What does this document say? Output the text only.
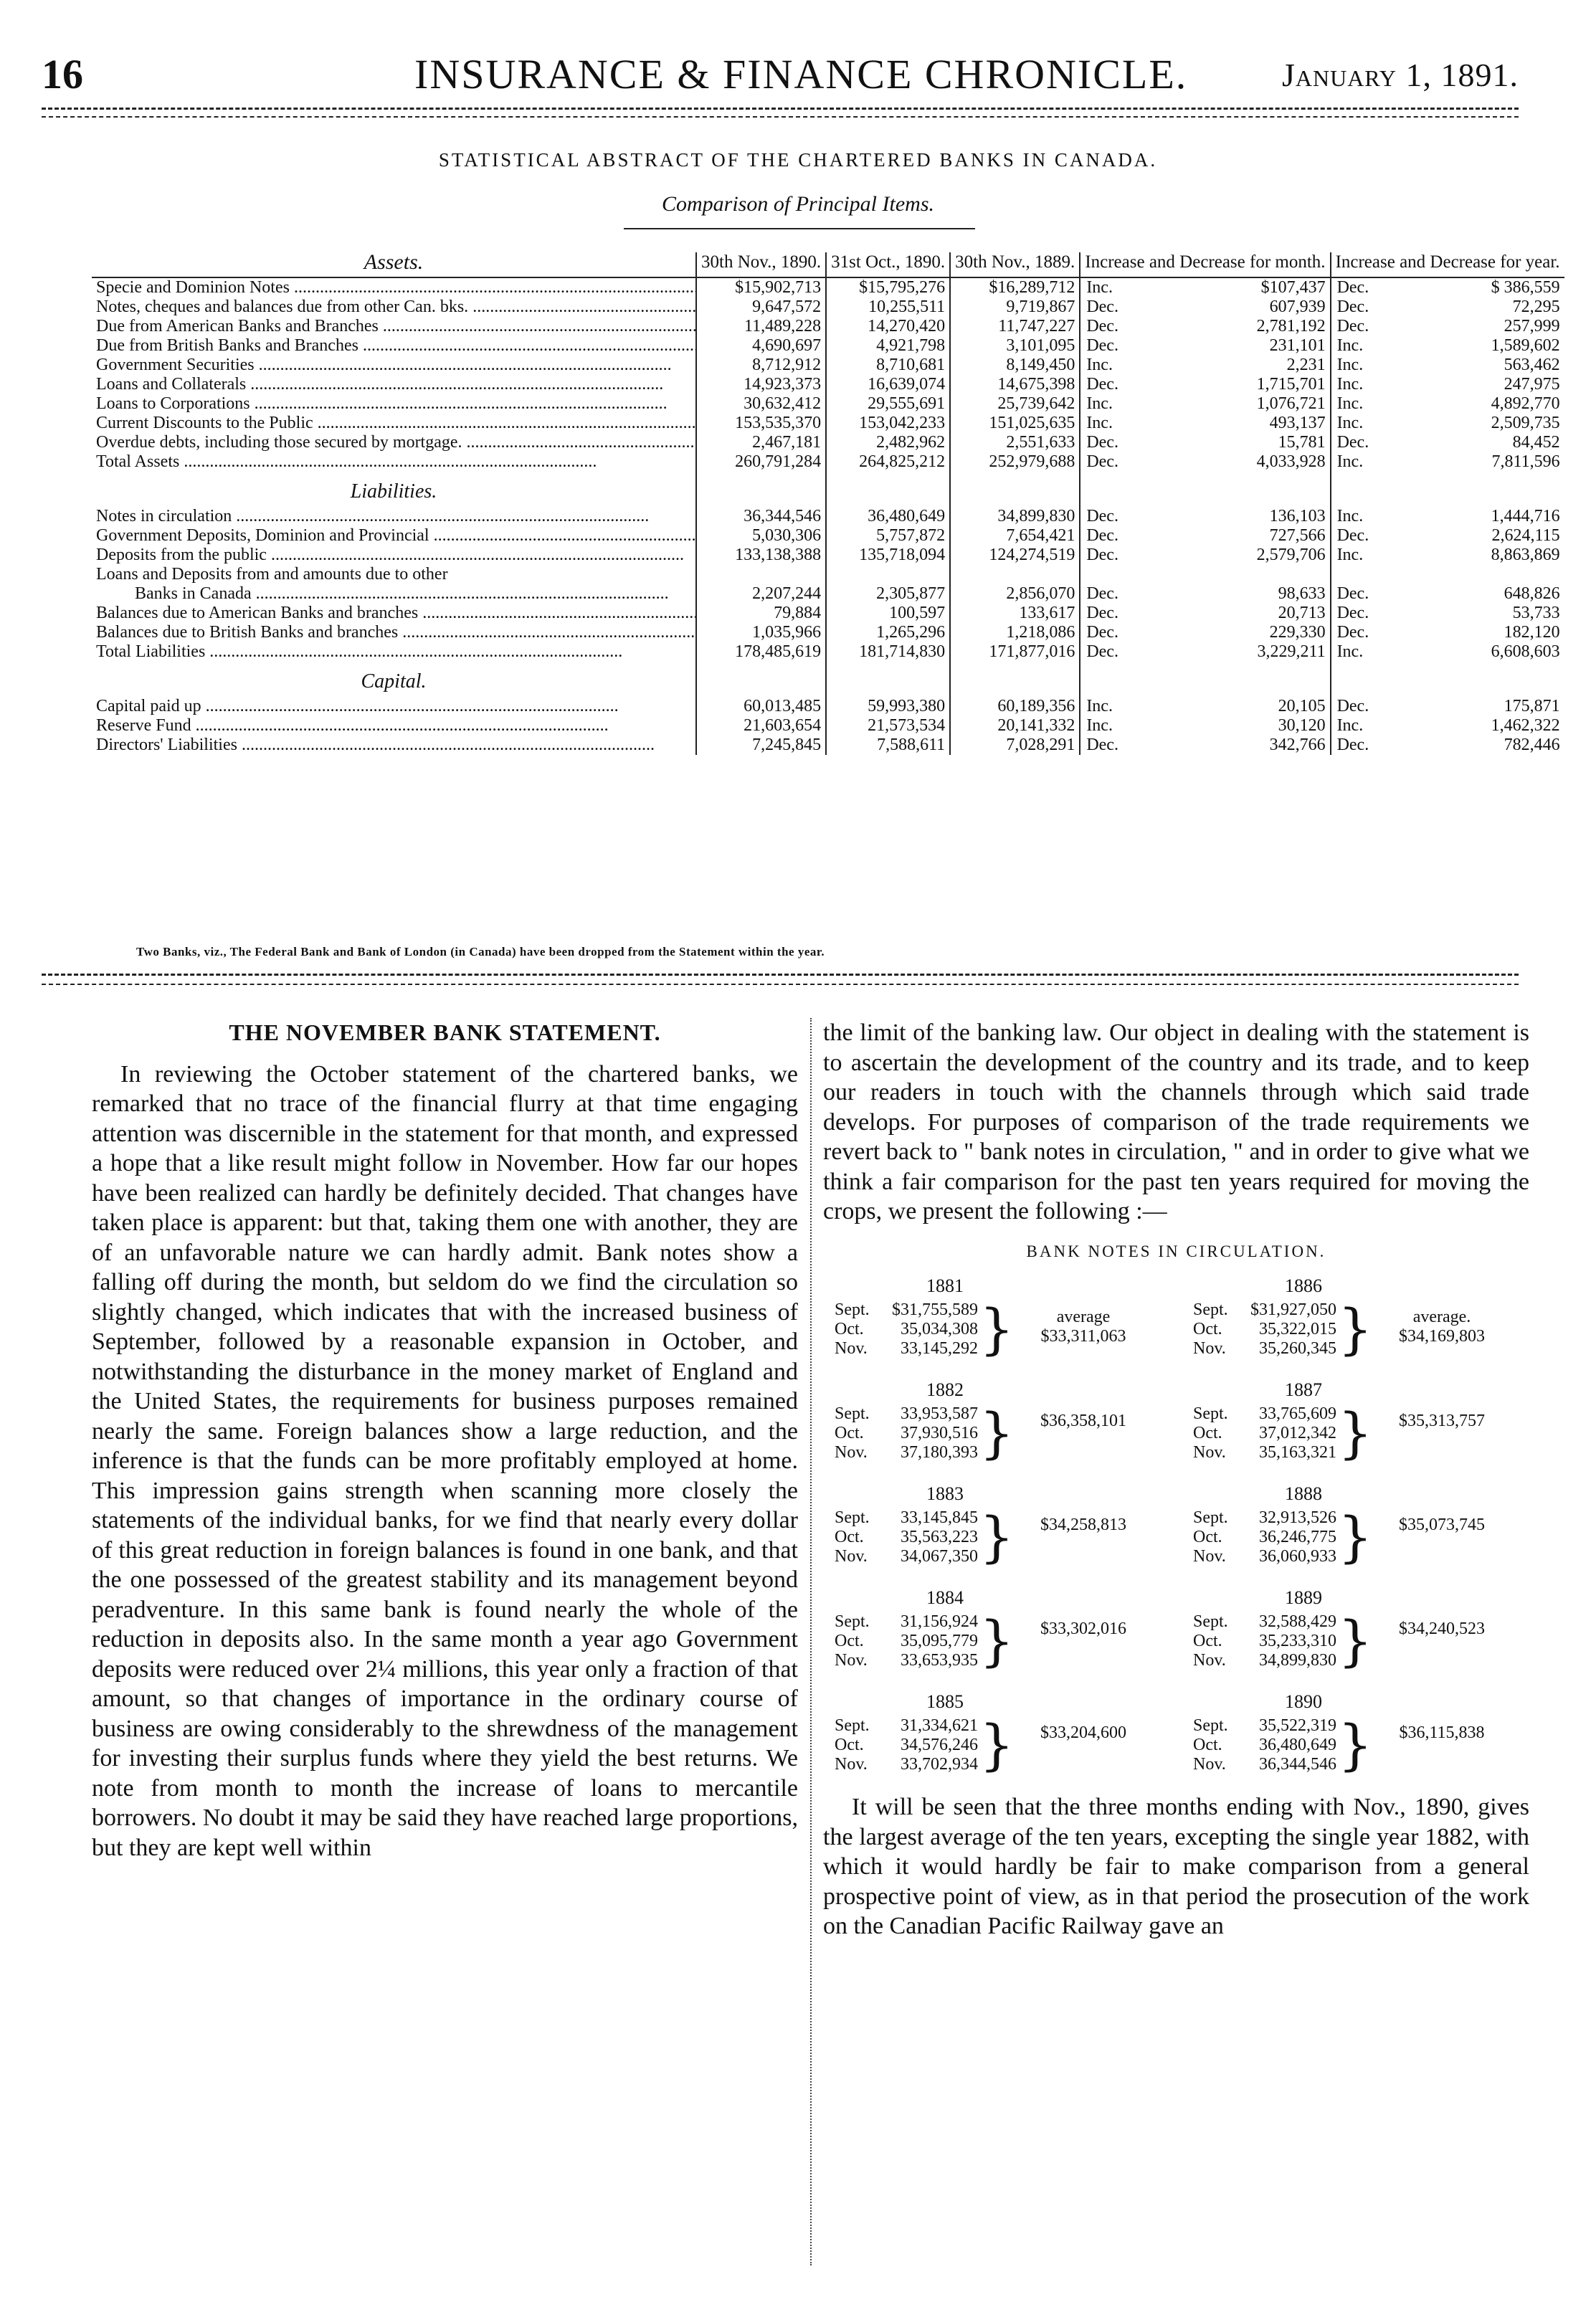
16	INSURANCE & FINANCE CHRONICLE.	January 1, 1891.
STATISTICAL ABSTRACT OF THE CHARTERED BANKS IN CANADA.
Comparison of Principal Items.
Assets.	30th Nov., 1890.	31st Oct., 1890.	30th Nov., 1889.	Increase and Decrease for month.		Increase and Decrease for year.	
Specie and Dominion Notes .....	$15,902,713	$15,795,276	$16,289,712	Inc.	$107,437	Dec.	$ 386,559
Notes, cheques and balances due from other Can. bks. .....	9,647,572	10,255,511	9,719,867	Dec.	607,939	Dec.	72,295
Due from American Banks and Branches .....	11,489,228	14,270,420	11,747,227	Dec.	2,781,192	Dec.	257,999
Due from British Banks and Branches .....	4,690,697	4,921,798	3,101,095	Dec.	231,101	Inc.	1,589,602
Government Securities .....	8,712,912	8,710,681	8,149,450	Inc.	2,231	Inc.	563,462
Loans and Collaterals .....	14,923,373	16,639,074	14,675,398	Dec.	1,715,701	Inc.	247,975
Loans to Corporations .....	30,632,412	29,555,691	25,739,642	Inc.	1,076,721	Inc.	4,892,770
Current Discounts to the Public .....	153,535,370	153,042,233	151,025,635	Inc.	493,137	Inc.	2,509,735
Overdue debts, including those secured by mortgage. .....	2,467,181	2,482,962	2,551,633	Dec.	15,781	Dec.	84,452
Total Assets .....	260,791,284	264,825,212	252,979,688	Dec.	4,033,928	Inc.	7,811,596
Liabilities.							
Notes in circulation .....	36,344,546	36,480,649	34,899,830	Dec.	136,103	Inc.	1,444,716
Government Deposits, Dominion and Provincial .....	5,030,306	5,757,872	7,654,421	Dec.	727,566	Dec.	2,624,115
Deposits from the public .....	133,138,388	135,718,094	124,274,519	Dec.	2,579,706	Inc.	8,863,869
Loans and Deposits from and amounts due to other							
Banks in Canada .....	2,207,244	2,305,877	2,856,070	Dec.	98,633	Dec.	648,826
Balances due to American Banks and branches .....	79,884	100,597	133,617	Dec.	20,713	Dec.	53,733
Balances due to British Banks and branches .....	1,035,966	1,265,296	1,218,086	Dec.	229,330	Dec.	182,120
Total Liabilities .....	178,485,619	181,714,830	171,877,016	Dec.	3,229,211	Inc.	6,608,603
Capital.							
Capital paid up .....	60,013,485	59,993,380	60,189,356	Inc.	20,105	Dec.	175,871
Reserve Fund .....	21,603,654	21,573,534	20,141,332	Inc.	30,120	Inc.	1,462,322
Directors' Liabilities .....	7,245,845	7,588,611	7,028,291	Dec.	342,766	Dec.	782,446
Two Banks, viz., The Federal Bank and Bank of London (in Canada) have been dropped from the Statement within the year.
THE NOVEMBER BANK STATEMENT.

In reviewing the October statement of the chartered banks, we remarked that no trace of the financial flurry at that time engaging attention was discernible in the statement for that month, and expressed a hope that a like result might follow in November. How far our hopes have been realized can hardly be definitely decided. That changes have taken place is apparent: but that, taking them one with another, they are of an unfavorable nature we can hardly admit. Bank notes show a falling off during the month, but seldom do we find the circulation so slightly changed, which indicates that with the increased business of September, followed by a reasonable expansion in October, and notwithstanding the disturbance in the money market of England and the United States, the requirements for business purposes remained nearly the same. Foreign balances show a large reduction, and the inference is that the funds can be more profitably employed at home. This impression gains strength when scanning more closely the statements of the individual banks, for we find that nearly every dollar of this great reduction in foreign balances is found in one bank, and that the one possessed of the greatest stability and its management beyond peradventure. In this same bank is found nearly the whole of the reduction in deposits also. In the same month a year ago Government deposits were reduced over 2¼ millions, this year only a fraction of that amount, so that changes of importance in the ordinary course of business are owing considerably to the shrewdness of the management for investing their surplus funds where they yield the best returns. We note from month to month the increase of loans to mercantile borrowers. No doubt it may be said they have reached large proportions, but they are kept well within

the limit of the banking law. Our object in dealing with the statement is to ascertain the development of the country and its trade, and to keep our readers in touch with the channels through which said trade develops. For purposes of comparison of the trade requirements we revert back to " bank notes in circulation, " and in order to give what we think a fair comparison for the past ten years required for moving the crops, we present the following :—

BANK NOTES IN CIRCULATION.
1881
Sept. $31,755,589
Oct. 35,034,308
Nov. 33,145,292 }	average
$33,311,063
1886
Sept. $31,927,050
Oct. 35,322,015
Nov. 35,260,345 }	average.
$34,169,803
1882
Sept. 33,953,587
Oct. 37,930,516
Nov. 37,180,393 }	$36,358,101
1887
Sept. 33,765,609
Oct. 37,012,342
Nov. 35,163,321 }	$35,313,757
1883
Sept. 33,145,845
Oct. 35,563,223
Nov. 34,067,350 }	$34,258,813
1888
Sept. 32,913,526
Oct. 36,246,775
Nov. 36,060,933 }	$35,073,745
1884
Sept. 31,156,924
Oct. 35,095,779
Nov. 33,653,935 }	$33,302,016
1889
Sept. 32,588,429
Oct. 35,233,310
Nov. 34,899,830 }	$34,240,523
1885
Sept. 31,334,621
Oct. 34,576,246
Nov. 33,702,934 }	$33,204,600
1890
Sept. 35,522,319
Oct. 36,480,649
Nov. 36,344,546 }	$36,115,838

It will be seen that the three months ending with Nov., 1890, gives the largest average of the ten years, excepting the single year 1882, with which it would hardly be fair to make comparison from a general prospective point of view, as in that period the prosecution of the work on the Canadian Pacific Railway gave an
